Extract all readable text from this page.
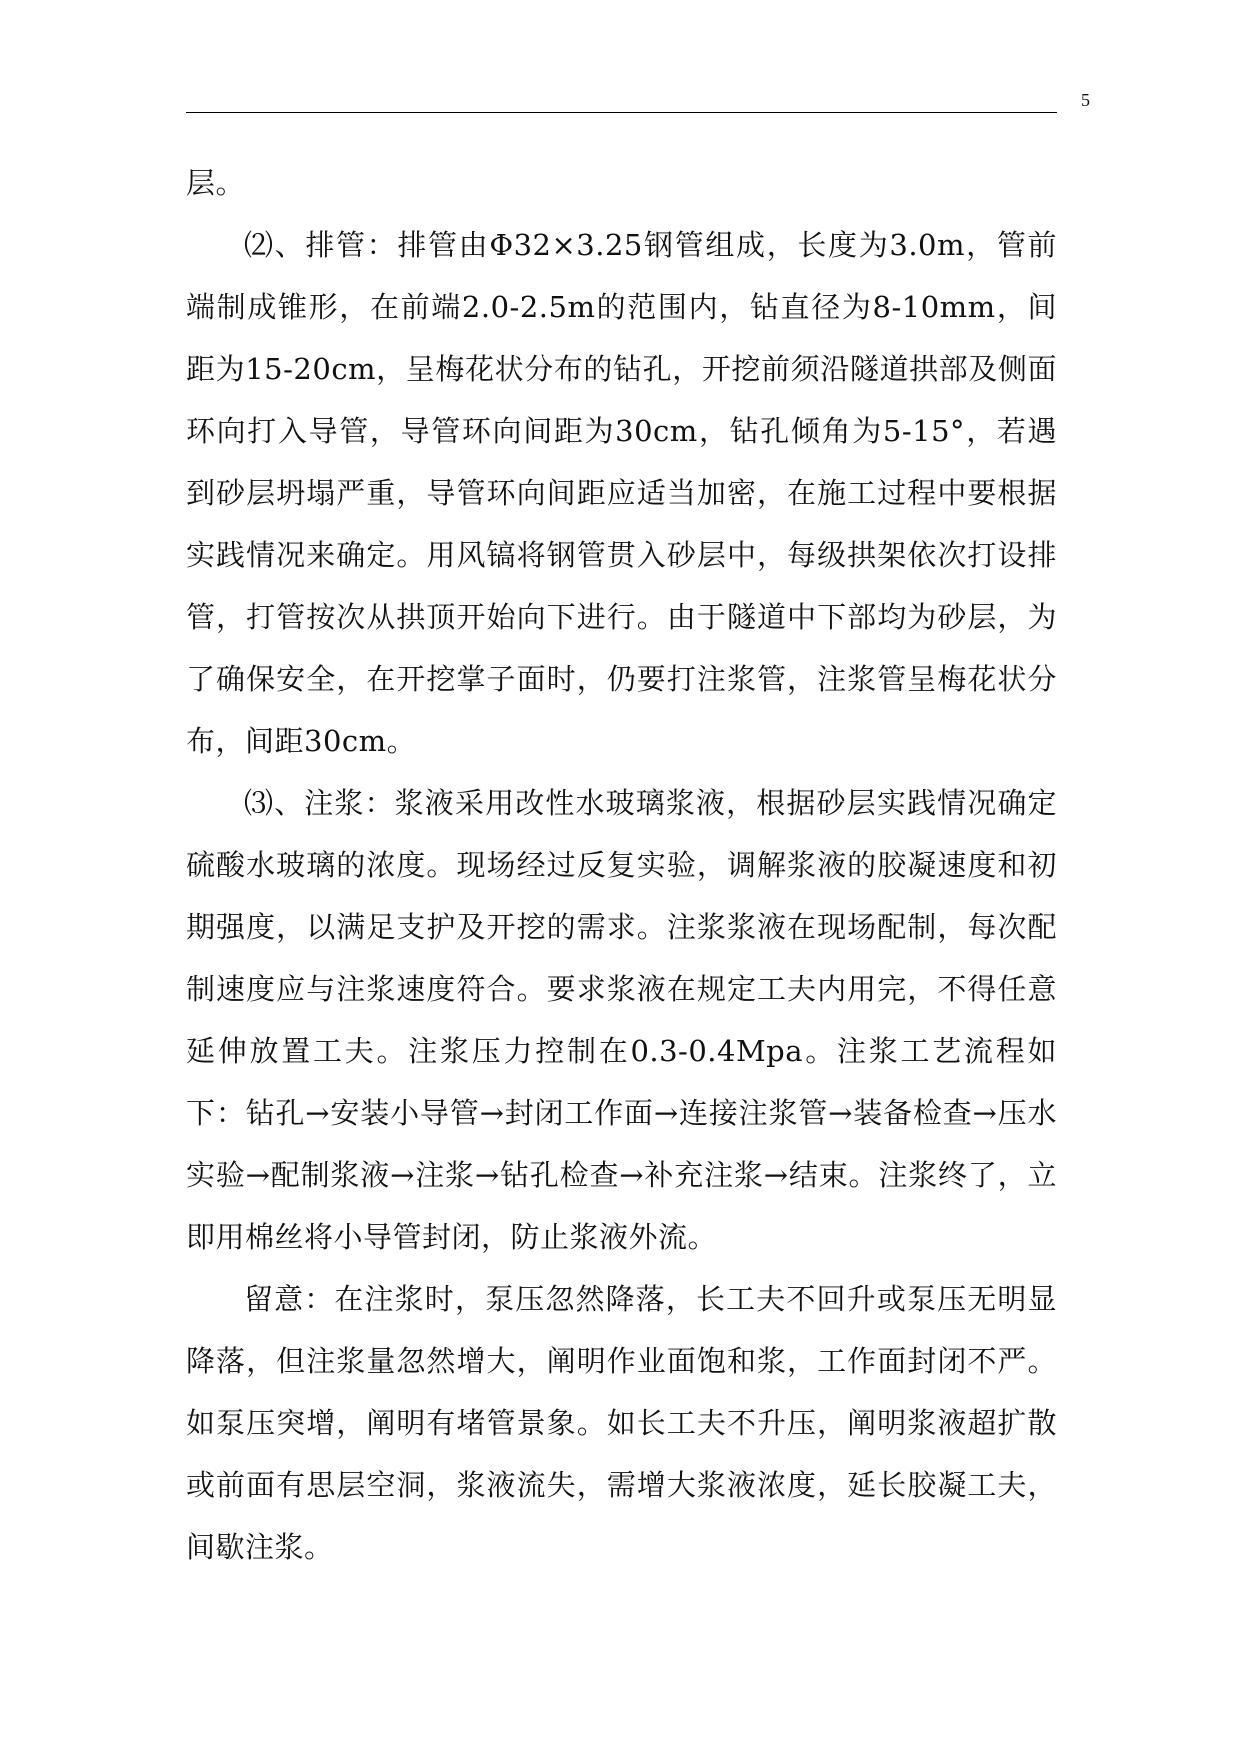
5

层。

⑵、排管：排管由Φ32×3.25钢管组成，长度为3.0m，管前端制成锥形，在前端2.0-2.5m的范围内，钻直径为8-10mm，间距为15-20cm，呈梅花状分布的钻孔，开挖前须沿隧道拱部及侧面环向打入导管，导管环向间距为30cm，钻孔倾角为5-15°，若遇到砂层坍塌严重，导管环向间距应适当加密，在施工过程中要根据实践情况来确定。用风镐将钢管贯入砂层中，每级拱架依次打设排管，打管按次从拱顶开始向下进行。由于隧道中下部均为砂层，为了确保安全，在开挖掌子面时，仍要打注浆管，注浆管呈梅花状分布，间距30cm。

⑶、注浆：浆液采用改性水玻璃浆液，根据砂层实践情况确定硫酸水玻璃的浓度。现场经过反复实验，调解浆液的胶凝速度和初期强度，以满足支护及开挖的需求。注浆浆液在现场配制，每次配制速度应与注浆速度符合。要求浆液在规定工夫内用完，不得任意延伸放置工夫。注浆压力控制在0.3-0.4Mpa。注浆工艺流程如下：钻孔→安装小导管→封闭工作面→连接注浆管→装备检查→压水实验→配制浆液→注浆→钻孔检查→补充注浆→结束。注浆终了，立即用棉丝将小导管封闭，防止浆液外流。

留意：在注浆时，泵压忽然降落，长工夫不回升或泵压无明显降落，但注浆量忽然增大，阐明作业面饱和浆，工作面封闭不严。如泵压突增，阐明有堵管景象。如长工夫不升压，阐明浆液超扩散或前面有思层空洞，浆液流失，需增大浆液浓度，延长胶凝工夫，间歇注浆。
